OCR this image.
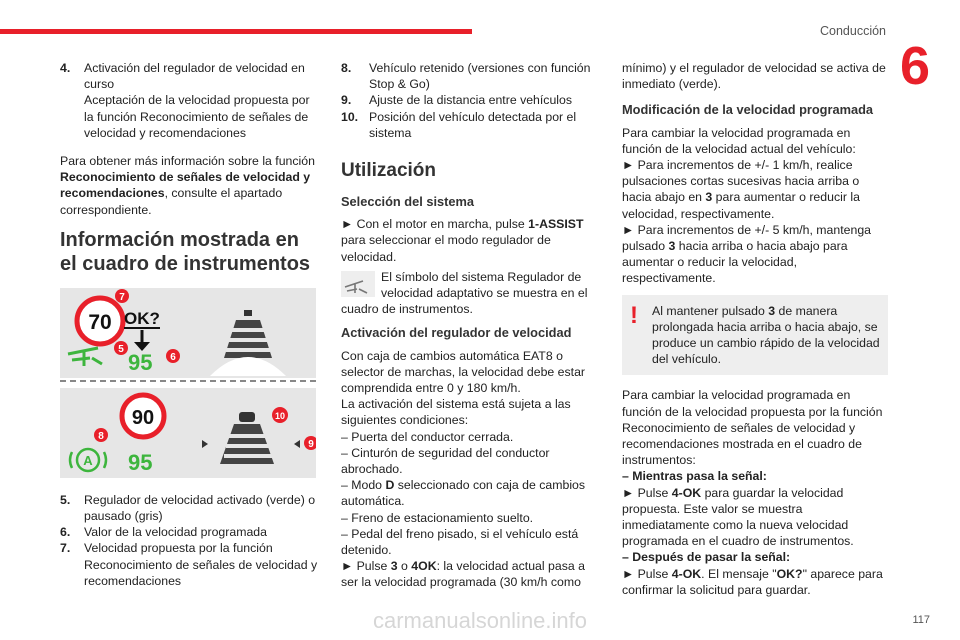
Conducción
6
4.	Activación del regulador de velocidad en curso
Aceptación de la velocidad propuesta por la función Reconocimiento de señales de velocidad y recomendaciones

Para obtener más información sobre la función Reconocimiento de señales de velocidad y recomendaciones, consulte el apartado correspondiente.

Información mostrada en el cuadro de instrumentos
70 OK?
95
5
6
7
90
A 95
8
9
10
5.	Regulador de velocidad activado (verde) o pausado (gris)
6.	Valor de la velocidad programada
7.	Velocidad propuesta por la función Reconocimiento de señales de velocidad y recomendaciones
8.	Vehículo retenido (versiones con función Stop & Go)
9.	Ajuste de la distancia entre vehículos
10. Posición del vehículo detectada por el sistema
Utilización
Selección del sistema

► Con el motor en marcha, pulse 1-ASSIST para seleccionar el modo regulador de velocidad.

El símbolo del sistema Regulador de velocidad adaptativo se muestra en el cuadro de instrumentos.

Activación del regulador de velocidad

Con caja de cambios automática EAT8 o selector de marchas, la velocidad debe estar comprendida entre 0 y 180 km/h.

La activación del sistema está sujeta a las siguientes condiciones:

– Puerta del conductor cerrada.
– Cinturón de seguridad del conductor abrochado.
– Modo D seleccionado con caja de cambios automática.
– Freno de estacionamiento suelto.
– Pedal del freno pisado, si el vehículo está detenido.
► Pulse 3 o 4OK: la velocidad actual pasa a ser la velocidad programada (30 km/h como

mínimo) y el regulador de velocidad se activa de inmediato (verde).

Modificación de la velocidad programada

Para cambiar la velocidad programada en función de la velocidad actual del vehículo:

► Para incrementos de +/- 1 km/h, realice pulsaciones cortas sucesivas hacia arriba o hacia abajo en 3 para aumentar o reducir la velocidad, respectivamente.
► Para incrementos de +/- 5 km/h, mantenga pulsado 3 hacia arriba o hacia abajo para aumentar o reducir la velocidad, respectivamente.
!	Al mantener pulsado 3 de manera prolongada hacia arriba o hacia abajo, se produce un cambio rápido de la velocidad del vehículo.
Para cambiar la velocidad programada en función de la velocidad propuesta por la función Reconocimiento de señales de velocidad y recomendaciones mostrada en el cuadro de instrumentos:
– Mientras pasa la señal:
► Pulse 4-OK para guardar la velocidad propuesta. Este valor se muestra inmediatamente como la nueva velocidad programada en el cuadro de instrumentos.
– Después de pasar la señal:
► Pulse 4-OK. El mensaje "OK?" aparece para confirmar la solicitud para guardar.
117
carmanualsonline.info
